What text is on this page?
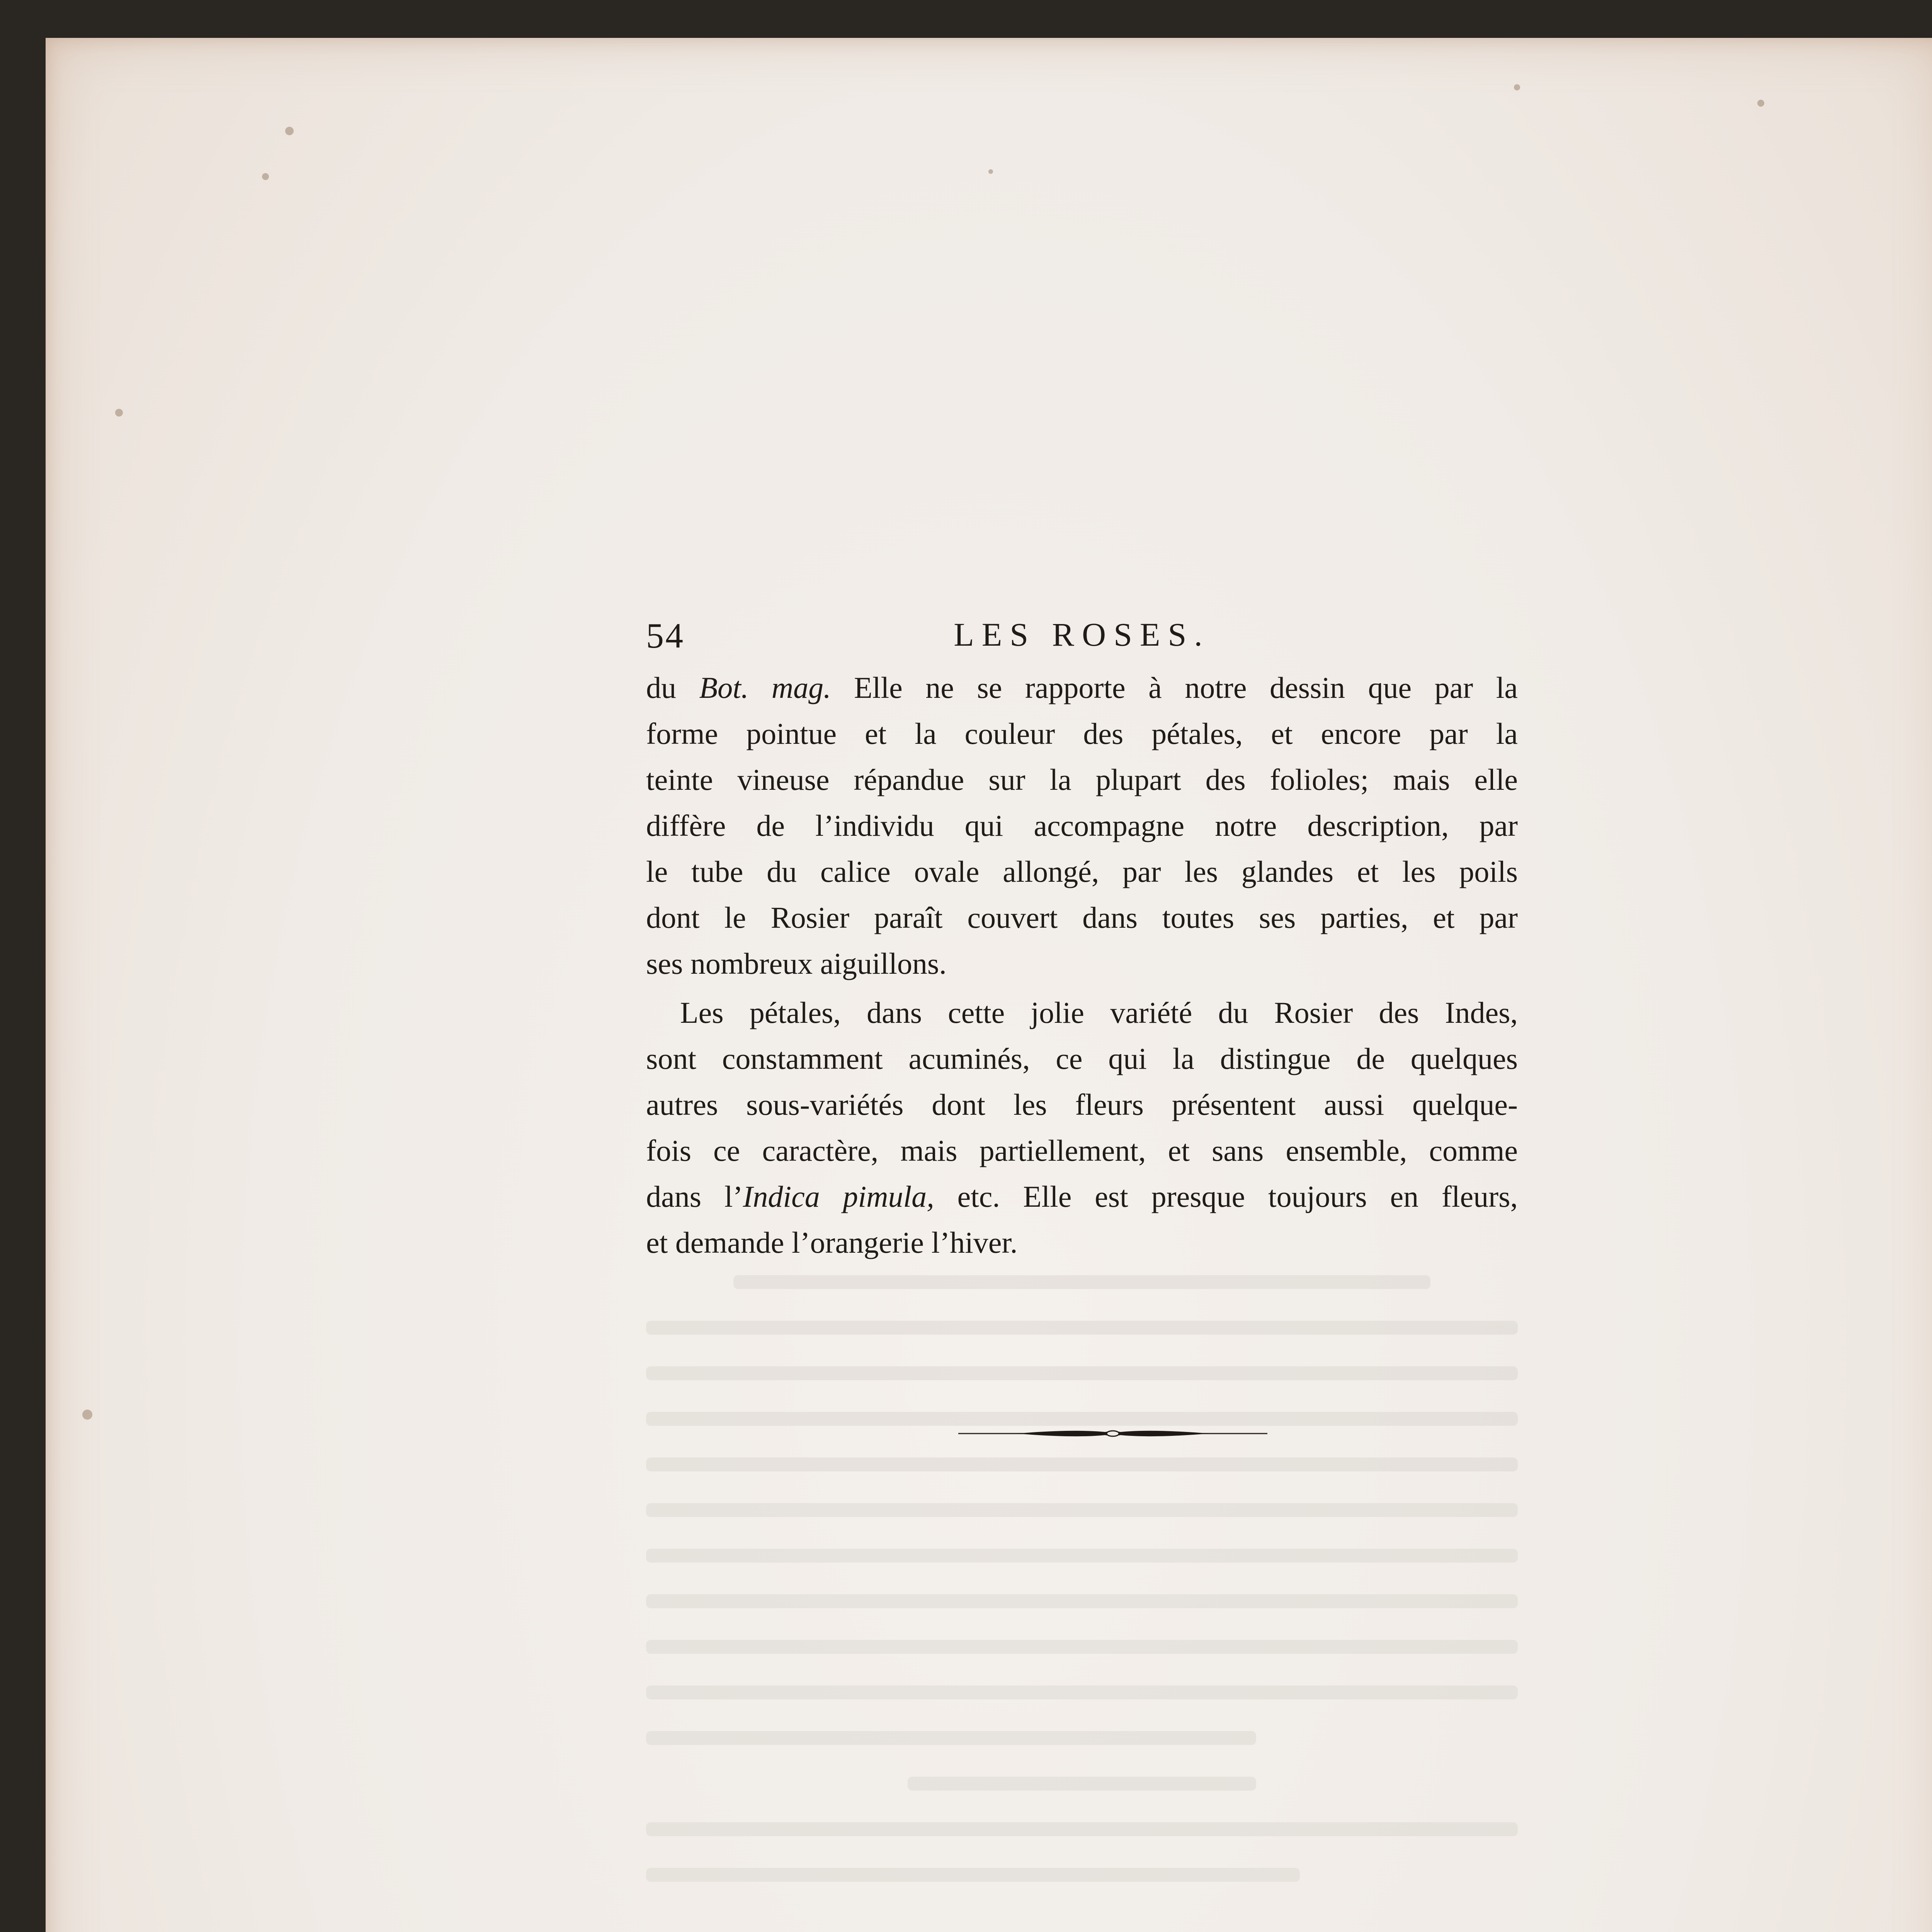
54	LES ROSES.
du Bot. mag. Elle ne se rapporte à notre dessin que par la
forme pointue et la couleur des pétales, et encore par la
teinte vineuse répandue sur la plupart des folioles; mais elle
diffère de l’individu qui accompagne notre description, par
le tube du calice ovale allongé, par les glandes et les poils
dont le Rosier paraît couvert dans toutes ses parties, et par
ses nombreux aiguillons.
Les pétales, dans cette jolie variété du Rosier des Indes,
sont constamment acuminés, ce qui la distingue de quelques
autres sous-variétés dont les fleurs présentent aussi quelque-
fois ce caractère, mais partiellement, et sans ensemble, comme
dans l’Indica pimula, etc. Elle est presque toujours en fleurs,
et demande l’orangerie l’hiver.
